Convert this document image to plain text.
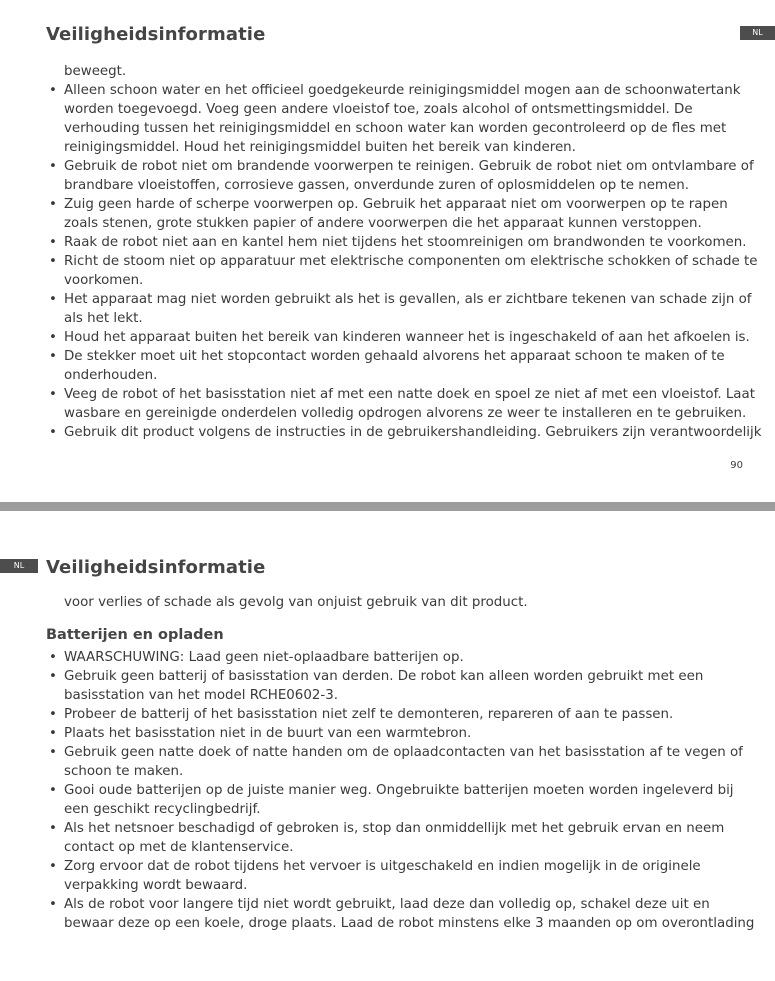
Veiligheidsinformatie	NL
beweegt.
• Alleen schoon water en het officieel goedgekeurde reinigingsmiddel mogen aan de schoonwatertank
worden toegevoegd. Voeg geen andere vloeistof toe, zoals alcohol of ontsmettingsmiddel. De
verhouding tussen het reinigingsmiddel en schoon water kan worden gecontroleerd op de fles met
reinigingsmiddel. Houd het reinigingsmiddel buiten het bereik van kinderen.
• Gebruik de robot niet om brandende voorwerpen te reinigen. Gebruik de robot niet om ontvlambare of
brandbare vloeistoffen, corrosieve gassen, onverdunde zuren of oplosmiddelen op te nemen.
• Zuig geen harde of scherpe voorwerpen op. Gebruik het apparaat niet om voorwerpen op te rapen
zoals stenen, grote stukken papier of andere voorwerpen die het apparaat kunnen verstoppen.
• Raak de robot niet aan en kantel hem niet tijdens het stoomreinigen om brandwonden te voorkomen.
• Richt de stoom niet op apparatuur met elektrische componenten om elektrische schokken of schade te
voorkomen.
• Het apparaat mag niet worden gebruikt als het is gevallen, als er zichtbare tekenen van schade zijn of
als het lekt.
• Houd het apparaat buiten het bereik van kinderen wanneer het is ingeschakeld of aan het afkoelen is.
• De stekker moet uit het stopcontact worden gehaald alvorens het apparaat schoon te maken of te
onderhouden.
• Veeg de robot of het basisstation niet af met een natte doek en spoel ze niet af met een vloeistof. Laat
wasbare en gereinigde onderdelen volledig opdrogen alvorens ze weer te installeren en te gebruiken.
• Gebruik dit product volgens de instructies in de gebruikershandleiding. Gebruikers zijn verantwoordelijk
90
NL	Veiligheidsinformatie
voor verlies of schade als gevolg van onjuist gebruik van dit product.
Batterijen en opladen
• WAARSCHUWING: Laad geen niet-oplaadbare batterijen op.
• Gebruik geen batterij of basisstation van derden. De robot kan alleen worden gebruikt met een
basisstation van het model RCHE0602-3.
• Probeer de batterij of het basisstation niet zelf te demonteren, repareren of aan te passen.
• Plaats het basisstation niet in de buurt van een warmtebron.
• Gebruik geen natte doek of natte handen om de oplaadcontacten van het basisstation af te vegen of
schoon te maken.
• Gooi oude batterijen op de juiste manier weg. Ongebruikte batterijen moeten worden ingeleverd bij
een geschikt recyclingbedrijf.
• Als het netsnoer beschadigd of gebroken is, stop dan onmiddellijk met het gebruik ervan en neem
contact op met de klantenservice.
• Zorg ervoor dat de robot tijdens het vervoer is uitgeschakeld en indien mogelijk in de originele
verpakking wordt bewaard.
• Als de robot voor langere tijd niet wordt gebruikt, laad deze dan volledig op, schakel deze uit en
bewaar deze op een koele, droge plaats. Laad de robot minstens elke 3 maanden op om overontlading
